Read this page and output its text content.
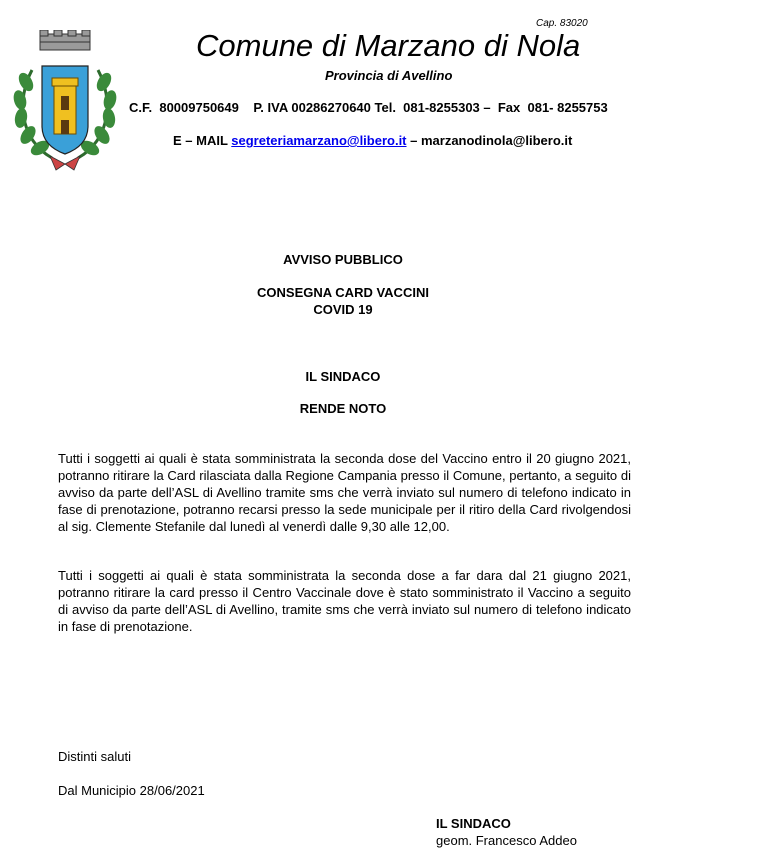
Cap. 83020
Comune di Marzano di Nola
Provincia di Avellino
C.F.  80009750649    P. IVA 00286270640 Tel.  081-8255303 –  Fax  081- 8255753
E – MAIL segreteriamarzano@libero.it – marzanodinola@libero.it
AVVISO PUBBLICO
CONSEGNA CARD VACCINI
COVID 19
IL SINDACO
RENDE NOTO

Tutti i soggetti ai quali è stata somministrata la seconda dose del Vaccino entro il 20 giugno 2021, potranno ritirare la Card rilasciata dalla Regione Campania presso il Comune, pertanto, a seguito di avviso da parte dell’ASL di Avellino tramite sms che verrà inviato sul numero di telefono indicato in fase di prenotazione, potranno recarsi presso la sede municipale per il ritiro della Card rivolgendosi al sig. Clemente Stefanile dal lunedì al venerdì dalle 9,30 alle 12,00.

Tutti i soggetti ai quali è stata somministrata la seconda dose a far dara dal 21 giugno 2021, potranno ritirare la card presso il Centro Vaccinale dove è stato somministrato il Vaccino a seguito di avviso da parte dell’ASL di Avellino, tramite sms che verrà inviato sul numero di telefono indicato in fase di prenotazione.

Distinti saluti
Dal Municipio 28/06/2021
IL SINDACO
geom. Francesco Addeo
